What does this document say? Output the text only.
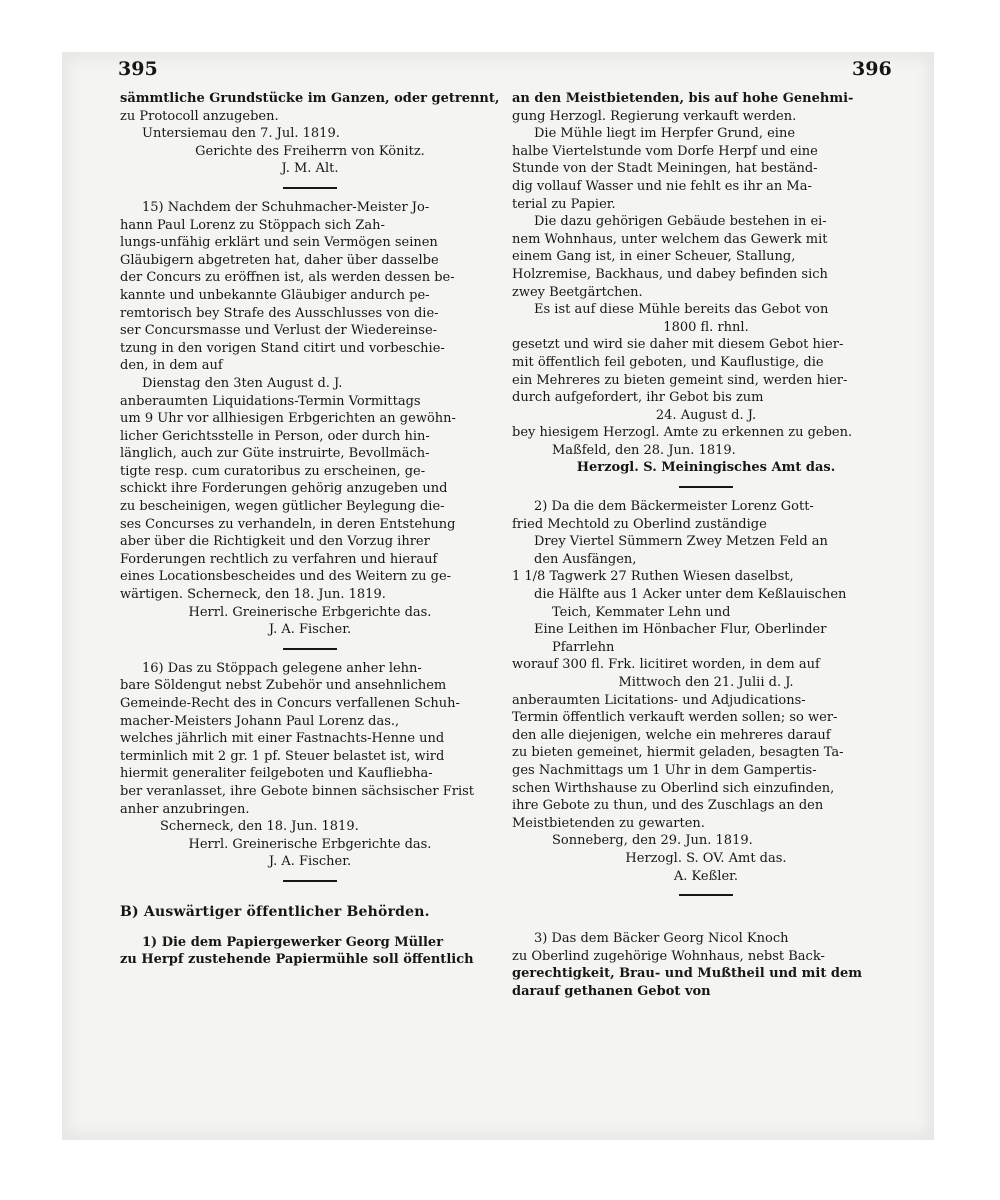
395	396
sämmtliche Grundstücke im Ganzen, oder getrennt,
zu Protocoll anzugeben.
Untersiemau den 7. Jul. 1819.
Gerichte des Freiherrn von Könitz.
J. M. Alt.
15) Nachdem der Schuhmacher-Meister Jo-
hann Paul Lorenz zu Stöppach sich Zah-
lungs-unfähig erklärt und sein Vermögen seinen
Gläubigern abgetreten hat, daher über dasselbe
der Concurs zu eröffnen ist, als werden dessen be-
kannte und unbekannte Gläubiger andurch pe-
remtorisch bey Strafe des Ausschlusses von die-
ser Concursmasse und Verlust der Wiedereinse-
tzung in den vorigen Stand citirt und vorbeschie-
den, in dem auf
Dienstag den 3ten August d. J.
anberaumten Liquidations-Termin Vormittags
um 9 Uhr vor allhiesigen Erbgerichten an gewöhn-
licher Gerichtsstelle in Person, oder durch hin-
länglich, auch zur Güte instruirte, Bevollmäch-
tigte resp. cum curatoribus zu erscheinen, ge-
schickt ihre Forderungen gehörig anzugeben und
zu bescheinigen, wegen gütlicher Beylegung die-
ses Concurses zu verhandeln, in deren Entstehung
aber über die Richtigkeit und den Vorzug ihrer
Forderungen rechtlich zu verfahren und hierauf
eines Locationsbescheides und des Weitern zu ge-
wärtigen. Scherneck, den 18. Jun. 1819.
Herrl. Greinerische Erbgerichte das.
J. A. Fischer.
16) Das zu Stöppach gelegene anher lehn-
bare Söldengut nebst Zubehör und ansehnlichem
Gemeinde-Recht des in Concurs verfallenen Schuh-
macher-Meisters Johann Paul Lorenz das.,
welches jährlich mit einer Fastnachts-Henne und
terminlich mit 2 gr. 1 pf. Steuer belastet ist, wird
hiermit generaliter feilgeboten und Kaufliebha-
ber veranlasset, ihre Gebote binnen sächsischer Frist
anher anzubringen.
Scherneck, den 18. Jun. 1819.
Herrl. Greinerische Erbgerichte das.
J. A. Fischer.
B) Auswärtiger öffentlicher Behörden.
1) Die dem Papiergewerker Georg Müller
zu Herpf zustehende Papiermühle soll öffentlich
an den Meistbietenden, bis auf hohe Genehmi-
gung Herzogl. Regierung verkauft werden.
Die Mühle liegt im Herpfer Grund, eine
halbe Viertelstunde vom Dorfe Herpf und eine
Stunde von der Stadt Meiningen, hat beständ-
dig vollauf Wasser und nie fehlt es ihr an Ma-
terial zu Papier.
Die dazu gehörigen Gebäude bestehen in ei-
nem Wohnhaus, unter welchem das Gewerk mit
einem Gang ist, in einer Scheuer, Stallung,
Holzremise, Backhaus, und dabey befinden sich
zwey Beetgärtchen.
Es ist auf diese Mühle bereits das Gebot von
1800 fl. rhnl.
gesetzt und wird sie daher mit diesem Gebot hier-
mit öffentlich feil geboten, und Kauflustige, die
ein Mehreres zu bieten gemeint sind, werden hier-
durch aufgefordert, ihr Gebot bis zum
24. August d. J.
bey hiesigem Herzogl. Amte zu erkennen zu geben.
Maßfeld, den 28. Jun. 1819.
Herzogl. S. Meiningisches Amt das.
2) Da die dem Bäckermeister Lorenz Gott-
fried Mechtold zu Oberlind zuständige
Drey Viertel Sümmern Zwey Metzen Feld an
den Ausfängen,
1 1/8 Tagwerk 27 Ruthen Wiesen daselbst,
die Hälfte aus 1 Acker unter dem Keßlauischen
Teich, Kemmater Lehn und
Eine Leithen im Hönbacher Flur, Oberlinder
Pfarrlehn
worauf 300 fl. Frk. licitiret worden, in dem auf
Mittwoch den 21. Julii d. J.
anberaumten Licitations- und Adjudications-
Termin öffentlich verkauft werden sollen; so wer-
den alle diejenigen, welche ein mehreres darauf
zu bieten gemeinet, hiermit geladen, besagten Ta-
ges Nachmittags um 1 Uhr in dem Gampertis-
schen Wirthshause zu Oberlind sich einzufinden,
ihre Gebote zu thun, und des Zuschlags an den
Meistbietenden zu gewarten.
Sonneberg, den 29. Jun. 1819.
Herzogl. S. OV. Amt das.
A. Keßler.
3) Das dem Bäcker Georg Nicol Knoch
zu Oberlind zugehörige Wohnhaus, nebst Back-
gerechtigkeit, Brau- und Mußtheil und mit dem
darauf gethanen Gebot von
